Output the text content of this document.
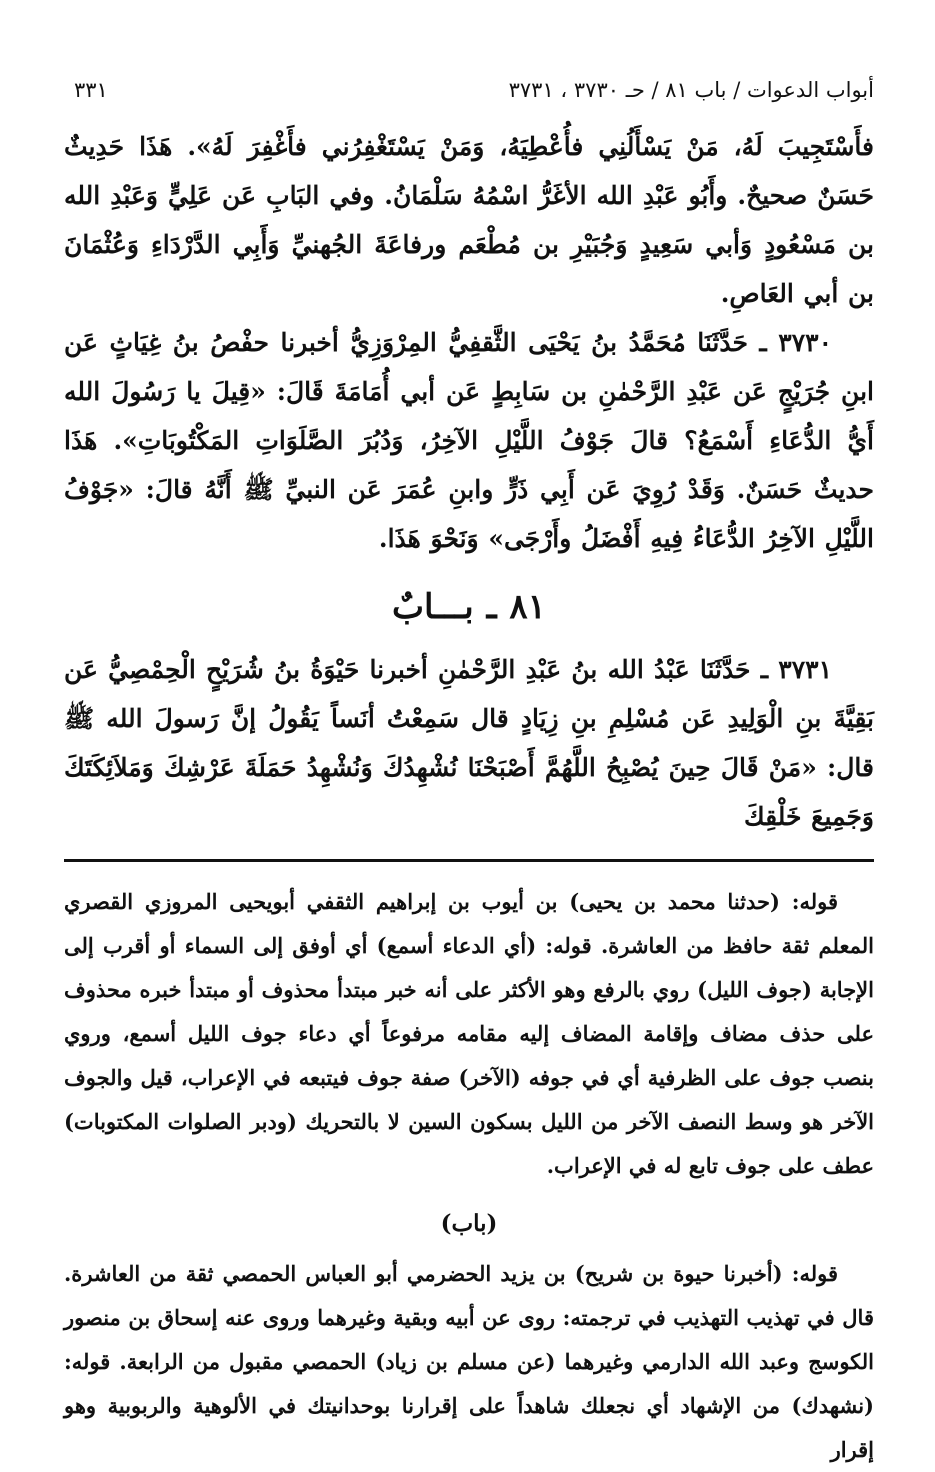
أبواب الدعوات / باب ٨١ / حـ ٣٧٣٠ ، ٣٧٣١
٣٣١

فأَسْتَجِيبَ لَهُ، مَنْ يَسْأَلُنِي فأُعْطِيَهُ، وَمَنْ يَسْتَغْفِرُني فأَغْفِرَ لَهُ». هَذَا حَدِيثٌ حَسَنٌ صحيحٌ. وأَبُو عَبْدِ الله الأغَرُّ اسْمُهُ سَلْمَانُ. وفي البَابِ عَن عَلِيٍّ وَعَبْدِ الله بن مَسْعُودٍ وَأبي سَعِيدٍ وَجُبَيْرِ بن مُطْعَم ورفاعَةَ الجُهنيِّ وَأَبِي الدَّرْدَاءِ وَعُثْمَانَ بن أبي العَاصِ.

٣٧٣٠ ـ حَدَّثَنَا مُحَمَّدُ بنُ يَحْيَى الثَّقفِيُّ المِرْوَزِيُّ أخبرنا حفْصُ بنُ غِيَاثٍ عَن ابنِ جُرَيْجٍ عَن عَبْدِ الرَّحْمٰنِ بن سَابِطٍ عَن أبي أُمَامَةَ قَالَ: «قِيلَ يا رَسُولَ الله أَيُّ الدُّعَاءِ أَسْمَعُ؟ قالَ جَوْفُ اللَّيْلِ الآخِرُ، وَدُبُرَ الصَّلَوَاتِ المَكْتُوبَاتِ». هَذَا حديثٌ حَسَنٌ. وَقَدْ رُوِيَ عَن أَبِي ذَرٍّ وابنِ عُمَرَ عَن النبيِّ ﷺ أَنَّهُ قالَ: «جَوْفُ اللَّيْلِ الآخِرُ الدُّعَاءُ فِيهِ أَفْضَلُ وأَرْجَى» وَنَحْوَ هَذَا.

٨١ ـ بـــابٌ

٣٧٣١ ـ حَدَّثَنَا عَبْدُ الله بنُ عَبْدِ الرَّحْمٰنِ أخبرنا حَيْوَةُ بنُ شُرَيْحٍ الْحِمْصِيُّ عَن بَقِيَّةَ بنِ الْوَلِيدِ عَن مُسْلِمِ بنِ زِيَادٍ قال سَمِعْتُ أنَساً يَقُولُ إنَّ رَسولَ الله ﷺ قال: «مَنْ قَالَ حِينَ يُصْبِحُ اللَّهُمَّ أَصْبَحْنَا نُشْهِدُكَ وَنُشْهِدُ حَمَلَةَ عَرْشِكَ وَمَلاَئِكَتَكَ وَجَمِيعَ خَلْقِكَ

قوله: (حدثنا محمد بن يحيى) بن أيوب بن إبراهيم الثقفي أبويحيى المروزي القصري المعلم ثقة حافظ من العاشرة. قوله: (أي الدعاء أسمع) أي أوفق إلى السماء أو أقرب إلى الإجابة (جوف الليل) روي بالرفع وهو الأكثر على أنه خبر مبتدأ محذوف أو مبتدأ خبره محذوف على حذف مضاف وإقامة المضاف إليه مقامه مرفوعاً أي دعاء جوف الليل أسمع، وروي بنصب جوف على الظرفية أي في جوفه (الآخر) صفة جوف فيتبعه في الإعراب، قيل والجوف الآخر هو وسط النصف الآخر من الليل بسكون السين لا بالتحريك (ودبر الصلوات المكتوبات) عطف على جوف تابع له في الإعراب.

(باب)

قوله: (أخبرنا حيوة بن شريح) بن يزيد الحضرمي أبو العباس الحمصي ثقة من العاشرة. قال في تهذيب التهذيب في ترجمته: روى عن أبيه وبقية وغيرهما وروى عنه إسحاق بن منصور الكوسج وعبد الله الدارمي وغيرهما (عن مسلم بن زياد) الحمصي مقبول من الرابعة. قوله: (نشهدك) من الإشهاد أي نجعلك شاهداً على إقرارنا بوحدانيتك في الألوهية والربوبية وهو إقرار
